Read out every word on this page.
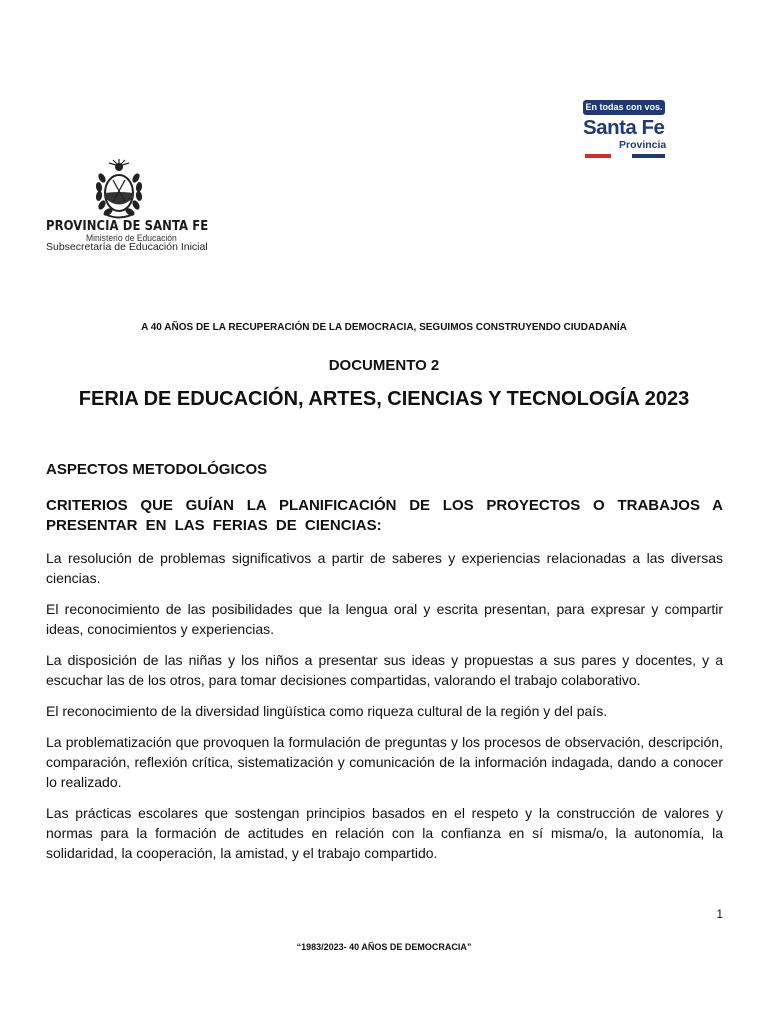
PROVINCIA DE SANTA FE
Ministerio de Educación
Subsecretaría de Educación Inicial
En todas con vos.
Santa Fe
Provincia
A 40 AÑOS DE LA RECUPERACIÓN DE LA DEMOCRACIA, SEGUIMOS CONSTRUYENDO CIUDADANÍA
DOCUMENTO 2
FERIA DE EDUCACIÓN, ARTES, CIENCIAS Y TECNOLOGÍA 2023
ASPECTOS METODOLÓGICOS
CRITERIOS QUE GUÍAN LA PLANIFICACIÓN DE LOS PROYECTOS O TRABAJOS A PRESENTAR EN LAS FERIAS DE CIENCIAS:

La resolución de problemas significativos a partir de saberes y experiencias relacionadas a las diversas ciencias.

El reconocimiento de las posibilidades que la lengua oral y escrita presentan, para expresar y compartir ideas, conocimientos y experiencias.

La disposición de las niñas y los niños a presentar sus ideas y propuestas a sus pares y docentes, y a escuchar las de los otros, para tomar decisiones compartidas, valorando el trabajo colaborativo.

El reconocimiento de la diversidad lingüística como riqueza cultural de la región y del país.

La problematización que provoquen la formulación de preguntas y los procesos de observación, descripción, comparación, reflexión crítica, sistematización y comunicación de la información indagada, dando a conocer lo realizado.

Las prácticas escolares que sostengan principios basados en el respeto y la construcción de valores y normas para la formación de actitudes en relación con la confianza en sí misma/o, la autonomía, la solidaridad, la cooperación, la amistad, y el trabajo compartido.

1
“1983/2023- 40 AÑOS DE DEMOCRACIA”
